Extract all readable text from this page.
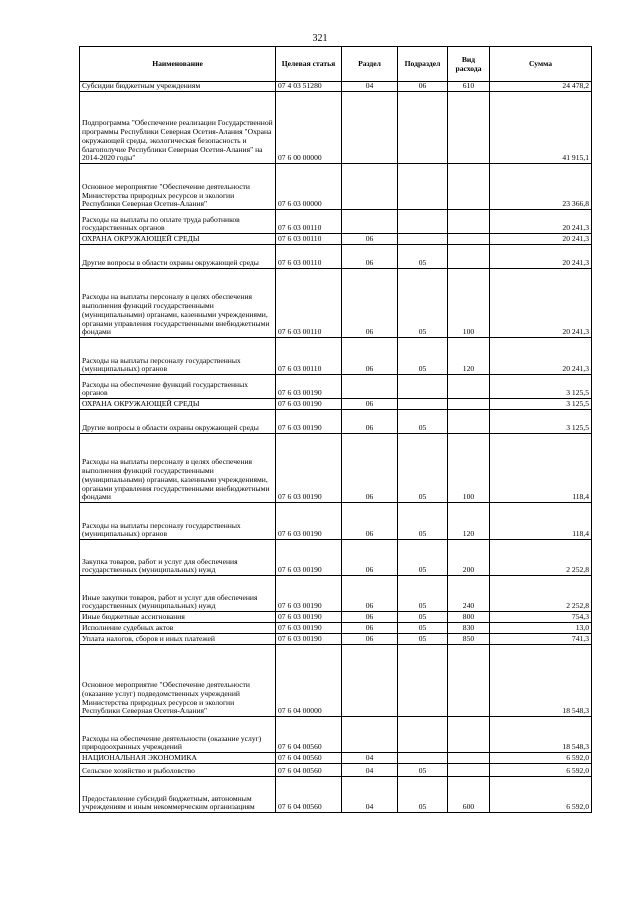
321
Наименование	Целевая статья	Раздел	Подраздел	Вид расхода	Сумма
Субсидии бюджетным учреждениям	07 4 03 51280	04	06	610	24 478,2
Подпрограмма "Обеспечение реализации Государственной программы Республики Северная Осетия-Алания "Охрана окружающей среды, экологическая безопасность и благополучие Республики Северная Осетия-Алания" на 2014-2020 годы"	07 6 00 00000				41 915,1
Основное мероприятие "Обеспечение деятельности Министерства природных ресурсов и экологии Республики Северная Осетия-Алания"	07 6 03 00000				23 366,8
Расходы на выплаты по оплате труда работников государственных органов	07 6 03 00110				20 241,3
ОХРАНА ОКРУЖАЮЩЕЙ СРЕДЫ	07 6 03 00110	06			20 241,3
Другие вопросы в области охраны окружающей среды	07 6 03 00110	06	05		20 241,3
Расходы на выплаты персоналу в целях обеспечения выполнения функций государственными (муниципальными) органами, казенными учреждениями, органами управления государственными внебюджетными фондами	07 6 03 00110	06	05	100	20 241,3
Расходы на выплаты персоналу государственных (муниципальных) органов	07 6 03 00110	06	05	120	20 241,3
Расходы на обеспечение функций государственных органов	07 6 03 00190				3 125,5
ОХРАНА ОКРУЖАЮЩЕЙ СРЕДЫ	07 6 03 00190	06			3 125,5
Другие вопросы в области охраны окружающей среды	07 6 03 00190	06	05		3 125,5
Расходы на выплаты персоналу в целях обеспечения выполнения функций государственными (муниципальными) органами, казенными учреждениями, органами управления государственными внебюджетными фондами	07 6 03 00190	06	05	100	118,4
Расходы на выплаты персоналу государственных (муниципальных) органов	07 6 03 00190	06	05	120	118,4
Закупка товаров, работ и услуг для обеспечения государственных (муниципальных) нужд	07 6 03 00190	06	05	200	2 252,8
Иные закупки товаров, работ и услуг для обеспечения государственных (муниципальных) нужд	07 6 03 00190	06	05	240	2 252,8
Иные бюджетные ассигнования	07 6 03 00190	06	05	800	754,3
Исполнение судебных актов	07 6 03 00190	06	05	830	13,0
Уплата налогов, сборов и иных платежей	07 6 03 00190	06	05	850	741,3
Основное мероприятие "Обеспечение деятельности (оказание услуг) подведомственных учреждений Министерства природных ресурсов и экологии Республики Северная Осетия-Алания"	07 6 04 00000				18 548,3
Расходы на обеспечение деятельности (оказание услуг) природоохранных учреждений	07 6 04 00560				18 548,3
НАЦИОНАЛЬНАЯ ЭКОНОМИКА	07 6 04 00560	04			6 592,0
Сельское хозяйство и рыболовство	07 6 04 00560	04	05		6 592,0
Предоставление субсидий бюджетным, автономным учреждениям и иным некоммерческим организациям	07 6 04 00560	04	05	600	6 592,0
